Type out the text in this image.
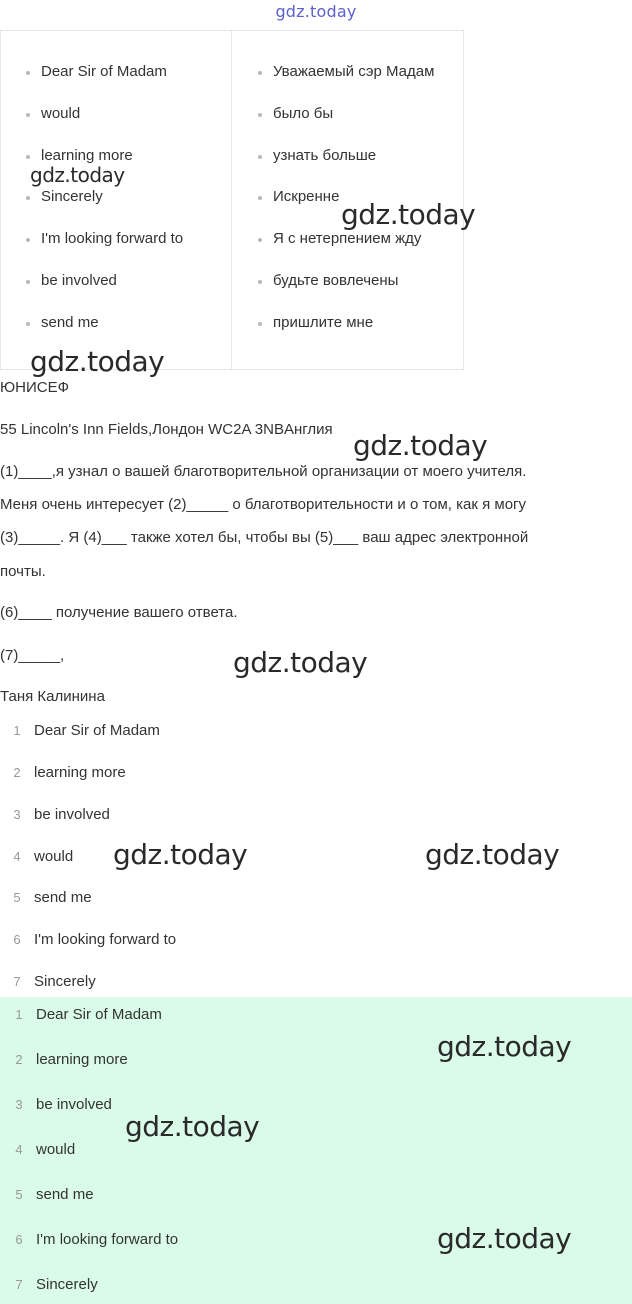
gdz.today
Dear Sir of Madam
would
learning more
Sincerely
I'm looking forward to
be involved
send me
Уважаемый сэр Мадам
было бы
узнать больше
Искренне
Я с нетерпением жду
будьте вовлечены
пришлите мне

ЮНИСЕФ

55 Lincoln's Inn Fields,Лондон WC2A 3NBАнглия

(1)____,я узнал о вашей благотворительной организации от моего учителя.

Меня очень интересует (2)_____ о благотворительности и о том, как я могу

(3)_____. Я (4)___ также хотел бы, чтобы вы (5)___ ваш адрес электронной

почты.

(6)____ получение вашего ответа.

(7)_____,

Таня Калинина

1 Dear Sir of Madam
2 learning more
3 be involved
4 would
5 send me
6 I'm looking forward to
7 Sincerely
1 Dear Sir of Madam
2 learning more
3 be involved
4 would
5 send me
6 I'm looking forward to
7 Sincerely
gdz.today
gdz.today
gdz.today
gdz.today
gdz.today
gdz.today	gdz.today
gdz.today
gdz.today
gdz.today
